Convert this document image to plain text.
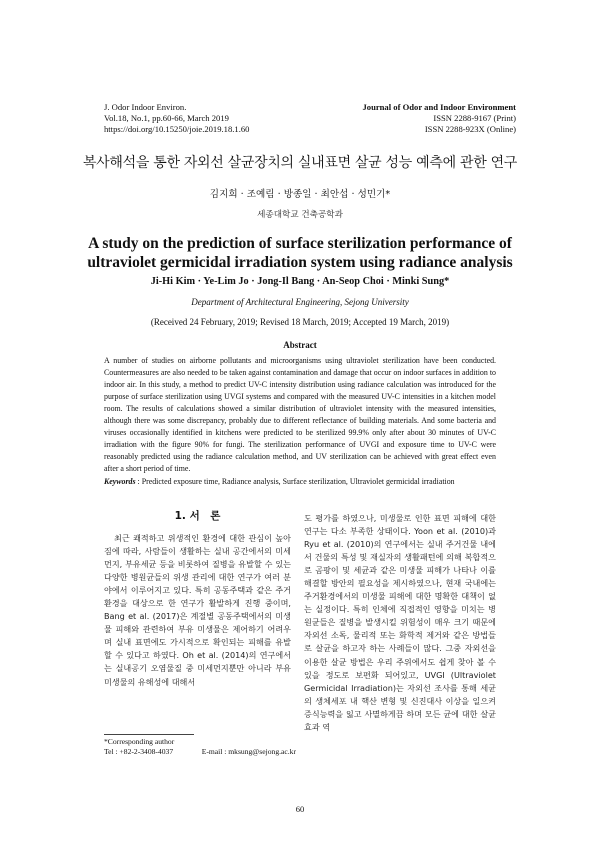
J. Odor Indoor Environ.
Vol.18, No.1, pp.60-66, March 2019
https://doi.org/10.15250/joie.2019.18.1.60
Journal of Odor and Indoor Environment
ISSN 2288-9167 (Print)
ISSN 2288-923X (Online)
복사해석을 통한 자외선 살균장치의 실내표면 살균 성능 예측에 관한 연구
김지희 · 조예림 · 방종일 · 최안섭 · 성민기*
세종대학교 건축공학과
A study on the prediction of surface sterilization performance of ultraviolet germicidal irradiation system using radiance analysis
Ji-Hi Kim · Ye-Lim Jo · Jong-Il Bang · An-Seop Choi · Minki Sung*
Department of Architectural Engineering, Sejong University
(Received 24 February, 2019; Revised 18 March, 2019; Accepted 19 March, 2019)
Abstract
A number of studies on airborne pollutants and microorganisms using ultraviolet sterilization have been conducted. Countermeasures are also needed to be taken against contamination and damage that occur on indoor surfaces in addition to indoor air. In this study, a method to predict UV-C intensity distribution using radiance calculation was introduced for the purpose of surface sterilization using UVGI systems and compared with the measured UV-C intensities in a kitchen model room. The results of calculations showed a similar distribution of ultraviolet intensity with the measured intensities, although there was some discrepancy, probably due to different reflectance of building materials. And some bacteria and viruses occasionally identified in kitchens were predicted to be sterilized 99.9% only after about 30 minutes of UV-C irradiation with the figure 90% for fungi. The sterilization performance of UVGI and exposure time to UV-C were reasonably predicted using the radiance calculation method, and UV sterilization can be achieved with great effect even after a short period of time.
Keywords : Predicted exposure time, Radiance analysis, Surface sterilization, Ultraviolet germicidal irradiation
1. 서　론
최근 쾌적하고 위생적인 환경에 대한 관심이 높아짐에 따라, 사람들이 생활하는 실내 공간에서의 미세먼지, 부유세균 등을 비롯하여 질병을 유발할 수 있는 다양한 병원균들의 위생 관리에 대한 연구가 여러 분야에서 이루어지고 있다. 특히 공동주택과 같은 주거환경을 대상으로 한 연구가 활발하게 진행 중이며, Bang et al. (2017)은 계절별 공동주택에서의 미생물 피해와 관련하여 부유 미생물은 제어하기 어려우며 실내 표면에도 가시적으로 확인되는 피해를 유발할 수 있다고 하였다. Oh et al. (2014)의 연구에서는 실내공기 오염물질 중 미세먼지뿐만 아니라 부유 미생물의 유해성에 대해서
도 평가를 하였으나, 미생물로 인한 표면 피해에 대한 연구는 다소 부족한 상태이다. Yoon et al. (2010)과 Ryu et al. (2010)의 연구에서는 실내 주거건물 내에서 건물의 특성 및 재실자의 생활패턴에 의해 복합적으로 곰팡이 및 세균과 같은 미생물 피해가 나타나 이를 해결할 방안의 필요성을 제시하였으나, 현재 국내에는 주거환경에서의 미생물 피해에 대한 명확한 대책이 없는 실정이다. 특히 인체에 직접적인 영향을 미치는 병원균들은 질병을 발생시킬 위험성이 매우 크기 때문에 자외선 소독, 물리적 또는 화학적 제거와 같은 방법들로 살균을 하고자 하는 사례들이 많다. 그중 자외선을 이용한 살균 방법은 우리 주위에서도 쉽게 찾아 볼 수 있을 정도로 보편화 되어있고, UVGI (Ultraviolet Germicidal Irradiation)는 자외선 조사를 통해 세균의 생체세포 내 핵산 변형 및 신진대사 이상을 일으켜 증식능력을 잃고 사멸하게끔 하며 모든 균에 대한 살균 효과 역
*Corresponding author
Tel : +82-2-3408-4037	E-mail : mksung@sejong.ac.kr
60
